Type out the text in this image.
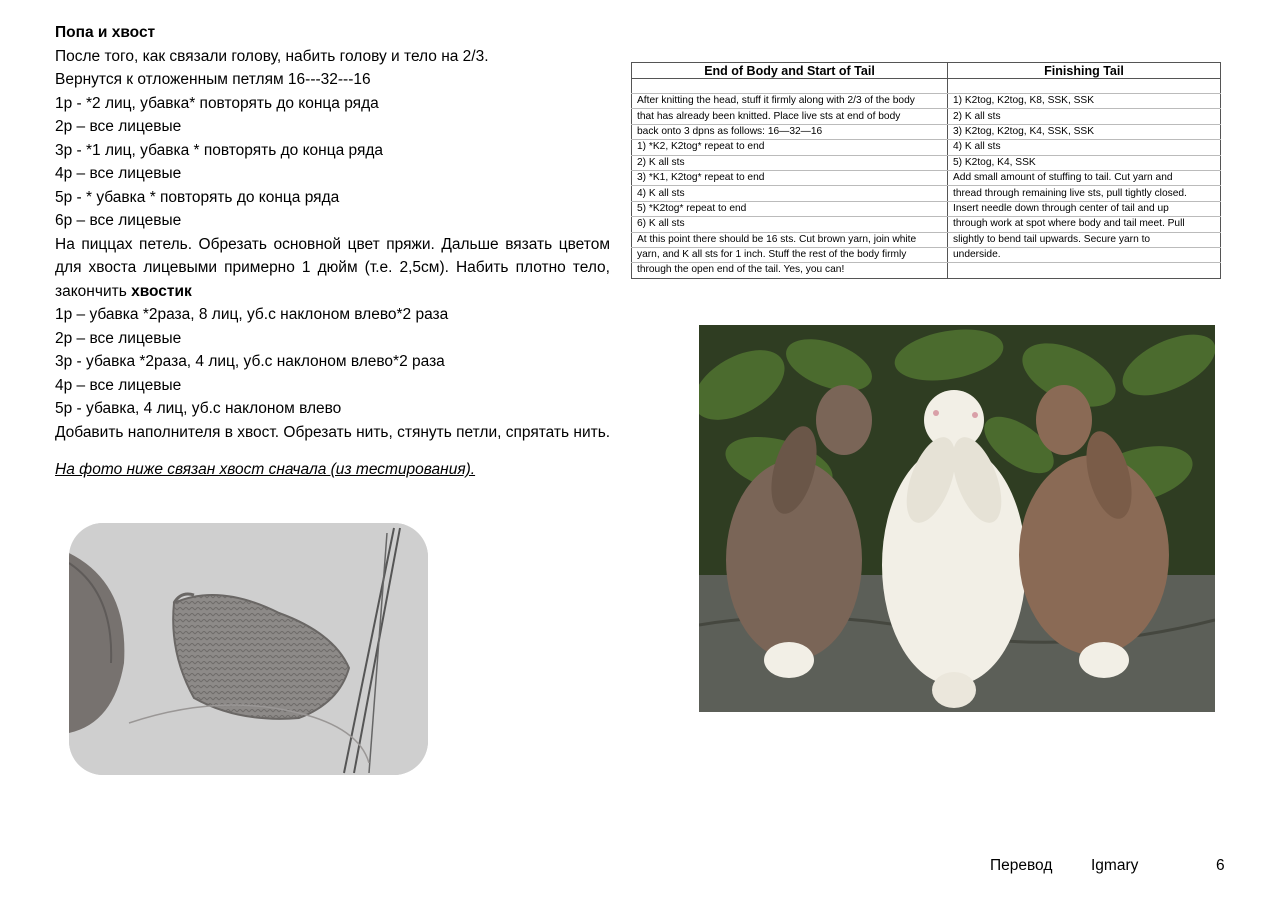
Попа и хвост

После того, как связали голову, набить голову и тело на 2/3.

Вернутся к отложенным петлям 16---32---16

1р - *2 лиц, убавка* повторять до конца ряда

2р – все лицевые

3р - *1 лиц, убавка * повторять до конца ряда

4р – все лицевые

5р - * убавка * повторять до конца ряда

6р – все лицевые

На пиццах петель. Обрезать основной цвет пряжи. Дальше вязать цветом для хвоста лицевыми примерно 1 дюйм (т.е. 2,5см). Набить плотно тело, закончить хвостик

1р – убавка *2раза, 8 лиц, уб.с наклоном влево*2 раза

2р – все лицевые

3р - убавка *2раза, 4 лиц, уб.с наклоном влево*2 раза

4р – все лицевые

5р - убавка, 4 лиц, уб.с наклоном влево

Добавить наполнителя в хвост. Обрезать нить, стянуть петли, спрятать нить.

На фото ниже связан хвост сначала (из тестирования).

End of Body and Start of Tail	Finishing Tail

After knitting the head, stuff it firmly along with 2/3 of the body	1) K2tog, K2tog, K8, SSK, SSK
that has already been knitted. Place live sts at end of body	2) K all sts
back onto 3 dpns as follows: 16—32—16	3) K2tog, K2tog, K4, SSK, SSK
1) *K2, K2tog* repeat to end	4) K all sts
2) K all sts	5) K2tog, K4, SSK
3) *K1, K2tog* repeat to end	Add small amount of stuffing to tail. Cut yarn and
4) K all sts	thread through remaining live sts, pull tightly closed.
5) *K2tog* repeat to end	Insert needle down through center of tail and up
6) K all sts	through work at spot where body and tail meet. Pull
At this point there should be 16 sts. Cut brown yarn, join white	slightly to bend tail upwards. Secure yarn to
yarn, and K all sts for 1 inch. Stuff the rest of the body firmly	underside.
through the open end of the tail. Yes, you can!	
Перевод Igmary	6
